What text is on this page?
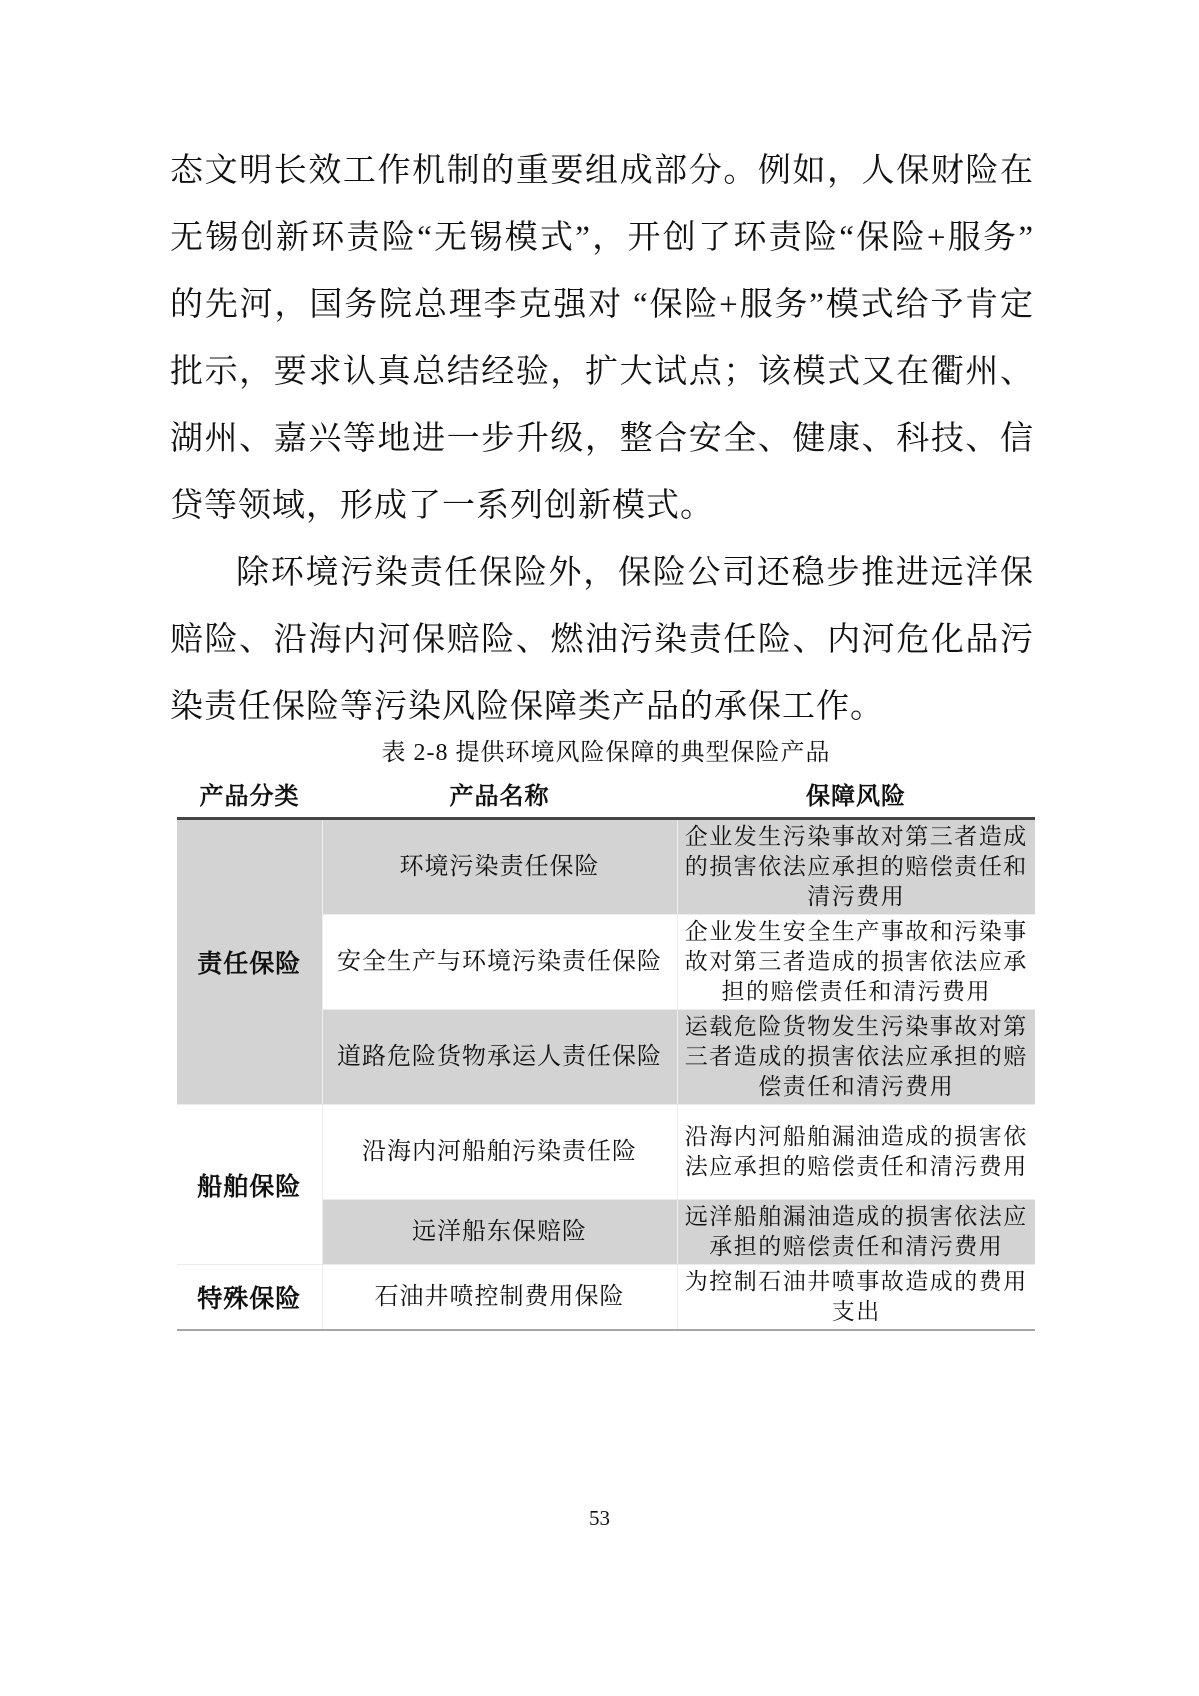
态文明长效工作机制的重要组成部分。例如，人保财险在无锡创新环责险“无锡模式”，开创了环责险“保险+服务”的先河，国务院总理李克强对 “保险+服务”模式给予肯定批示，要求认真总结经验，扩大试点；该模式又在衢州、湖州、嘉兴等地进一步升级，整合安全、健康、科技、信贷等领域，形成了一系列创新模式。

除环境污染责任保险外，保险公司还稳步推进远洋保赔险、沿海内河保赔险、燃油污染责任险、内河危化品污染责任保险等污染风险保障类产品的承保工作。

表 2-8 提供环境风险保障的典型保险产品
产品分类	产品名称	保障风险
责任保险	环境污染责任保险	企业发生污染事故对第三者造成的损害依法应承担的赔偿责任和清污费用
	安全生产与环境污染责任保险	企业发生安全生产事故和污染事故对第三者造成的损害依法应承担的赔偿责任和清污费用
	道路危险货物承运人责任保险	运载危险货物发生污染事故对第三者造成的损害依法应承担的赔偿责任和清污费用
船舶保险	沿海内河船舶污染责任险	沿海内河船舶漏油造成的损害依法应承担的赔偿责任和清污费用
	远洋船东保赔险	远洋船舶漏油造成的损害依法应承担的赔偿责任和清污费用
特殊保险	石油井喷控制费用保险	为控制石油井喷事故造成的费用支出
53
